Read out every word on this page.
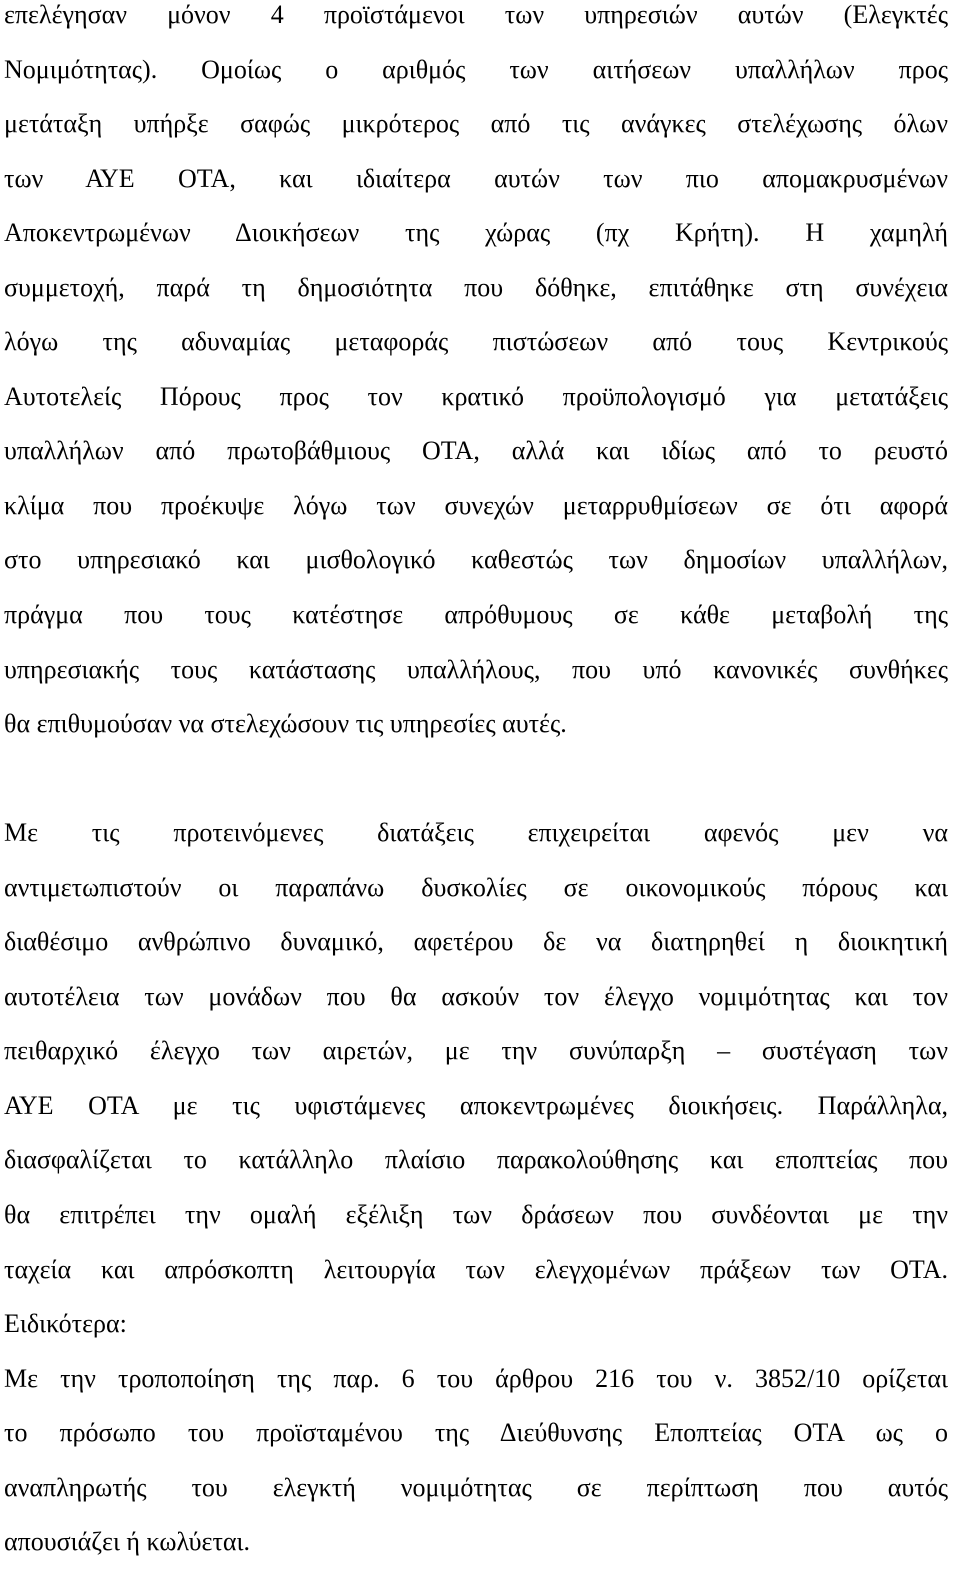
επελέγησαν μόνον 4 προϊστάμενοι των υπηρεσιών αυτών (Ελεγκτές
Νομιμότητας). Ομοίως ο αριθμός των αιτήσεων υπαλλήλων προς
μετάταξη υπήρξε σαφώς μικρότερος από τις ανάγκες στελέχωσης όλων
των ΑΥΕ ΟΤΑ, και ιδιαίτερα αυτών των πιο απομακρυσμένων
Αποκεντρωμένων Διοικήσεων της χώρας (πχ Κρήτη). Η χαμηλή
συμμετοχή, παρά τη δημοσιότητα που δόθηκε, επιτάθηκε στη συνέχεια
λόγω της αδυναμίας μεταφοράς πιστώσεων από τους Κεντρικούς
Αυτοτελείς Πόρους προς τον κρατικό προϋπολογισμό για μετατάξεις
υπαλλήλων από πρωτοβάθμιους ΟΤΑ, αλλά και ιδίως από το ρευστό
κλίμα που προέκυψε λόγω των συνεχών μεταρρυθμίσεων σε ότι αφορά
στο υπηρεσιακό και μισθολογικό καθεστώς των δημοσίων υπαλλήλων,
πράγμα που τους κατέστησε απρόθυμους σε κάθε μεταβολή της
υπηρεσιακής τους κατάστασης υπαλλήλους, που υπό κανονικές συνθήκες
θα επιθυμούσαν να στελεχώσουν τις υπηρεσίες αυτές.
Με τις προτεινόμενες διατάξεις επιχειρείται αφενός μεν να
αντιμετωπιστούν οι παραπάνω δυσκολίες σε οικονομικούς πόρους και
διαθέσιμο ανθρώπινο δυναμικό, αφετέρου δε να διατηρηθεί η διοικητική
αυτοτέλεια των μονάδων που θα ασκούν τον έλεγχο νομιμότητας και τον
πειθαρχικό έλεγχο των αιρετών, με την συνύπαρξη – συστέγαση των
ΑΥΕ ΟΤΑ με τις υφιστάμενες αποκεντρωμένες διοικήσεις. Παράλληλα,
διασφαλίζεται το κατάλληλο πλαίσιο παρακολούθησης και εποπτείας που
θα επιτρέπει την ομαλή εξέλιξη των δράσεων που συνδέονται με την
ταχεία και απρόσκοπτη λειτουργία των ελεγχομένων πράξεων των ΟΤΑ.
Ειδικότερα:
Με την τροποποίηση της παρ. 6 του άρθρου 216 του ν. 3852/10 ορίζεται
το πρόσωπο του προϊσταμένου της Διεύθυνσης Εποπτείας ΟΤΑ ως ο
αναπληρωτής του ελεγκτή νομιμότητας σε περίπτωση που αυτός
απουσιάζει ή κωλύεται.
